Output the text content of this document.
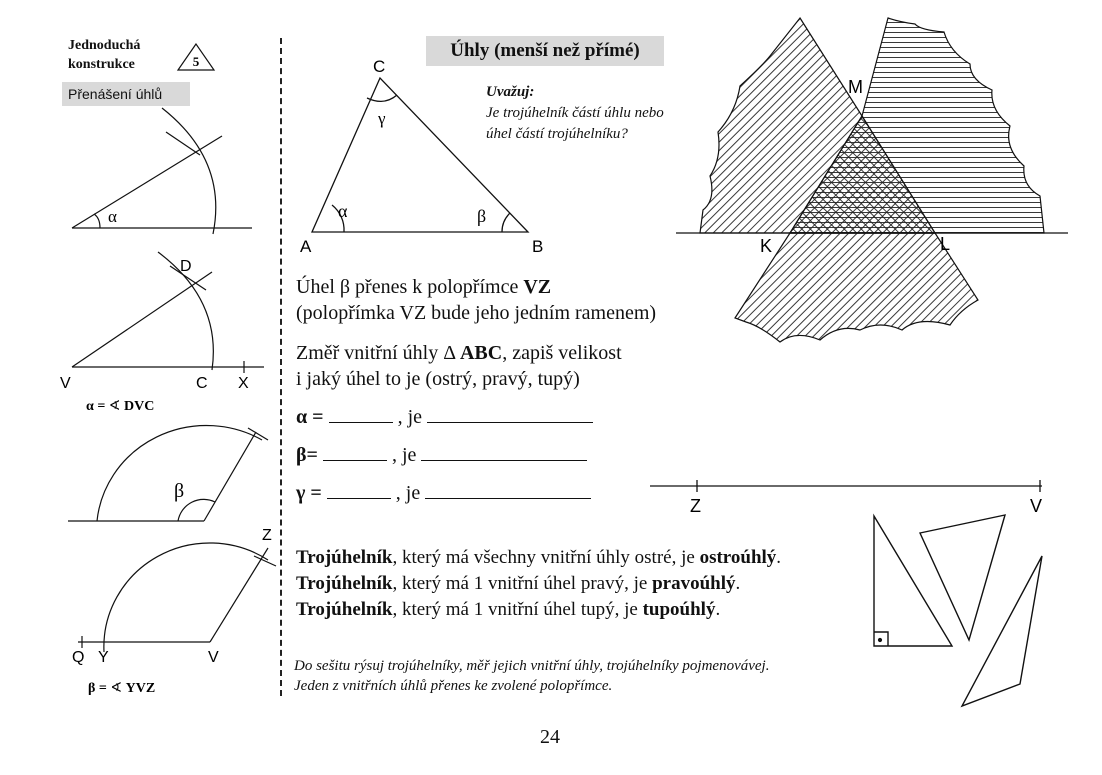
Jednoduchá
konstrukce
Přenášení úhlů
Úhly (menší než přímé)
5
α
D
V	C X
α = ∢ DVC
β
Z
Q Y	V
β = ∢ YVZ
A	B
C
α	β
γ
M
K	L
Z	V
Uvažuj:
Je trojúhelník částí úhlu nebo
úhel částí trojúhelníku?
Úhel β přenes k polopřímce VZ
(polopřímka VZ bude jeho jedním ramenem)
Změř vnitřní úhly Δ ABC, zapiš velikost
i jaký úhel to je (ostrý, pravý, tupý)
α =	, je
β=	, je
γ =	, je
Trojúhelník, který má všechny vnitřní úhly ostré, je ostroúhlý.
Trojúhelník, který má 1 vnitřní úhel pravý, je pravoúhlý.
Trojúhelník, který má 1 vnitřní úhel tupý, je tupoúhlý.
Do sešitu rýsuj trojúhelníky, měř jejich vnitřní úhly, trojúhelníky pojmenovávej.
Jeden z vnitřních úhlů přenes ke zvolené polopřímce.
24
